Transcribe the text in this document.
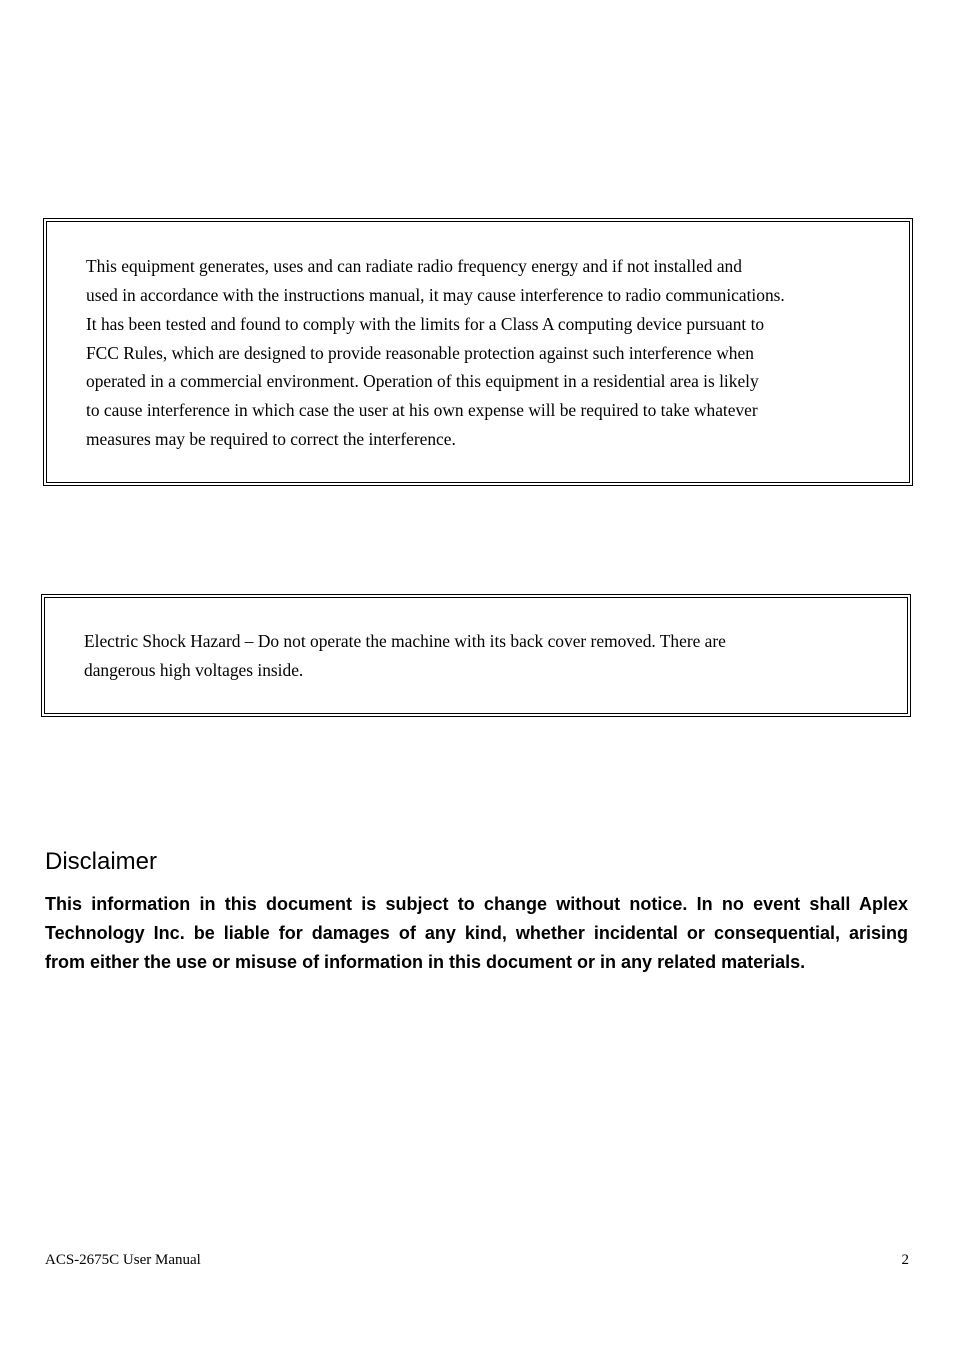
This equipment generates, uses and can radiate radio frequency energy and if not installed and
used in accordance with the instructions manual, it may cause interference to radio communications.
It has been tested and found to comply with the limits for a Class A computing device pursuant to
FCC Rules, which are designed to provide reasonable protection against such interference when
operated in a commercial environment. Operation of this equipment in a residential area is likely
to cause interference in which case the user at his own expense will be required to take whatever
measures may be required to correct the interference.
Electric Shock Hazard – Do not operate the machine with its back cover removed. There are
dangerous high voltages inside.
Disclaimer
This information in this document is subject to change without notice. In no event shall Aplex
Technology Inc. be liable for damages of any kind, whether incidental or consequential, arising
from either the use or misuse of information in this document or in any related materials.
ACS-2675C User Manual	2
